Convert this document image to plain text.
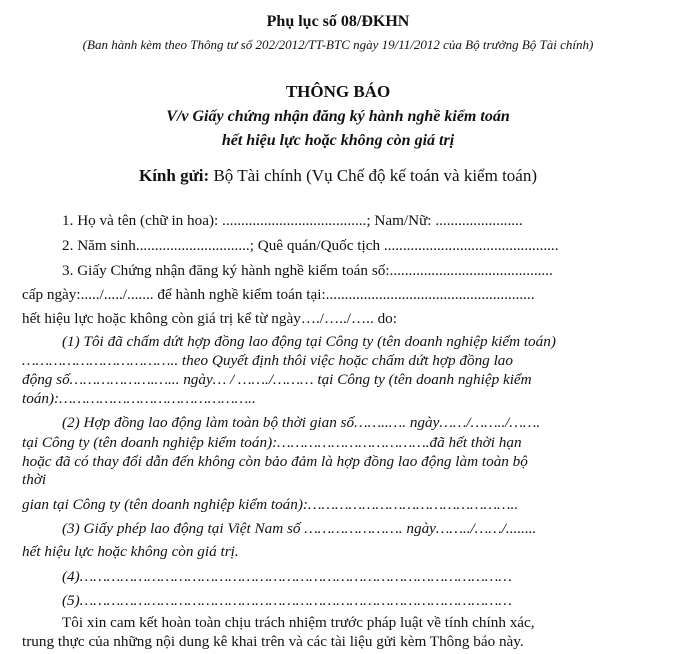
Phụ lục số 08/ĐKHN
(Ban hành kèm theo Thông tư số 202/2012/TT-BTC ngày 19/11/2012 của Bộ trưởng Bộ Tài chính)
THÔNG BÁO
V/v Giấy chứng nhận đăng ký hành nghề kiểm toán
hết hiệu lực hoặc không còn giá trị
Kính gửi: Bộ Tài chính (Vụ Chế độ kế toán và kiểm toán)
1. Họ và tên (chữ in hoa): ......................................; Nam/Nữ: .......................
2. Năm sinh..............................; Quê quán/Quốc tịch ..............................................
3. Giấy Chứng nhận đăng ký hành nghề kiểm toán số:...........................................
cấp ngày:...../...../....... để hành nghề kiểm toán tại:.......................................................
hết hiệu lực hoặc không còn giá trị kể từ ngày…./…../….. do:
(1) Tôi đã chấm dứt hợp đồng lao động tại Công ty (tên doanh nghiệp kiểm toán)
…………………………….. theo Quyết định thôi việc hoặc chấm dứt hợp đồng lao
động số……………….…... ngày… / ……./……… tại Công ty (tên doanh nghiệp kiểm
toán):……………………………………..
(2) Hợp đồng lao động làm toàn bộ thời gian số……..…. ngày……/……../…….
tại Công ty (tên doanh nghiệp kiểm toán):…………………………….đã hết thời hạn
hoặc đã có thay đổi dẫn đến không còn bảo đảm là hợp đồng lao động làm toàn bộ
thời
gian tại Công ty (tên doanh nghiệp kiểm toán):………………………………………..
(3) Giấy phép lao động tại Việt Nam số …………………. ngày……../……/........
hết hiệu lực hoặc không còn giá trị.
(4)……………………………………………………………………………………
(5)……………………………………………………………………………………
Tôi xin cam kết hoàn toàn chịu trách nhiệm trước pháp luật về tính chính xác,
trung thực của những nội dung kê khai trên và các tài liệu gửi kèm Thông báo này.
